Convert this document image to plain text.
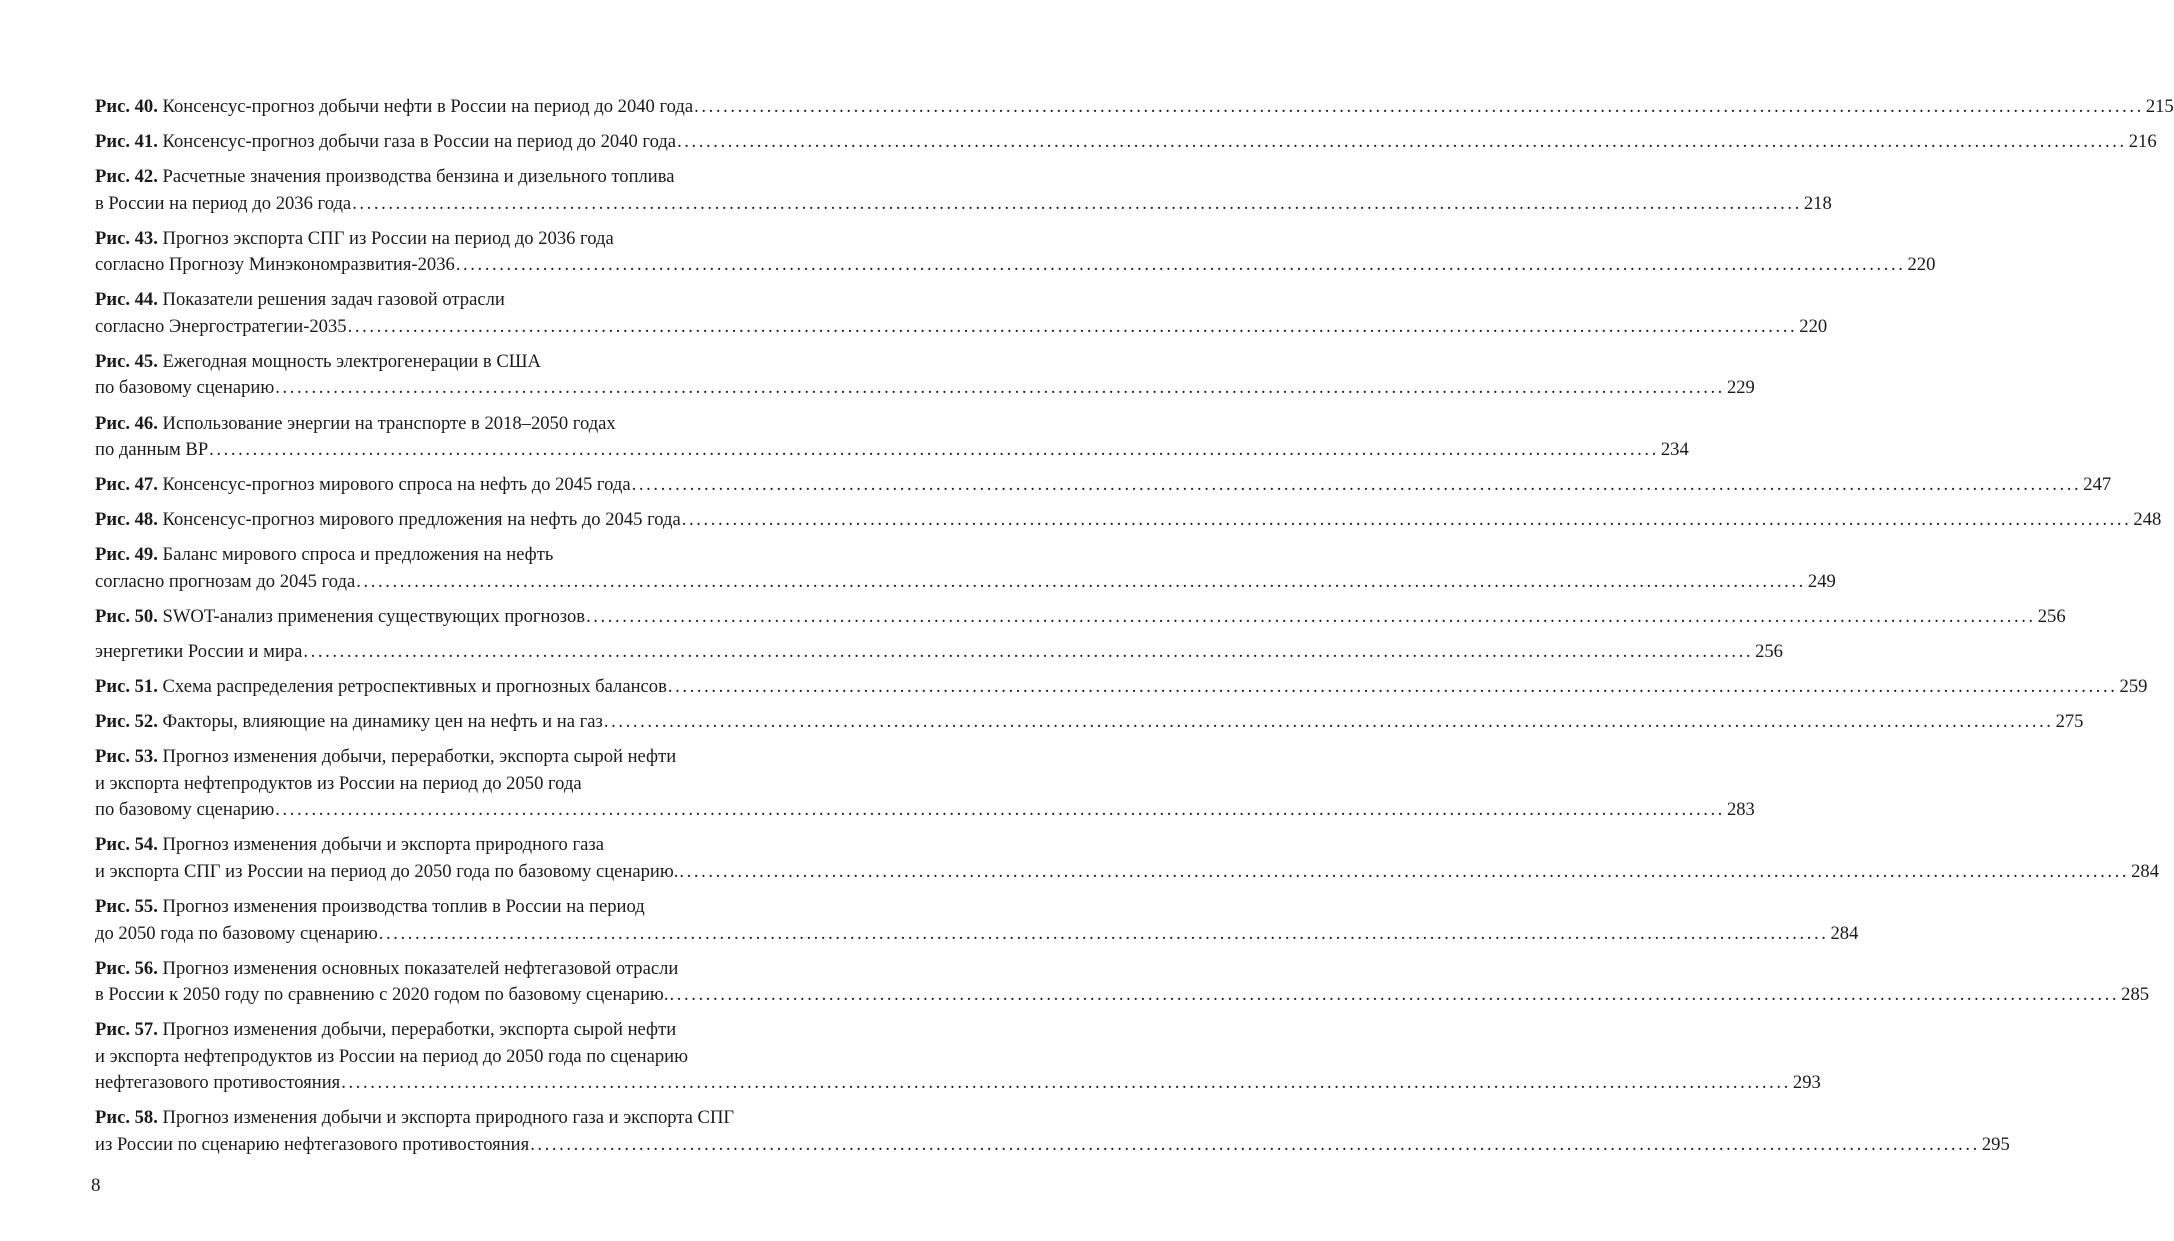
Рис. 40.
Консенсус-прогноз добычи нефти в России на период до 2040 года ........................................................................................................................................................................................................ 215
Рис. 41.
Консенсус-прогноз добычи газа в России на период до 2040 года ........................................................................................................................................................................................................ 216
Рис. 42.
Расчетные значения производства бензина и дизельного топлива
в России на период до 2036 года ........................................................................................................................................................................................................ 218
Рис. 43.
Прогноз экспорта СПГ из России на период до 2036 года
согласно Прогнозу Минэкономразвития-2036 ........................................................................................................................................................................................................ 220
Рис. 44.
Показатели решения задач газовой отрасли
согласно Энергостратегии-2035 ........................................................................................................................................................................................................ 220
Рис. 45.
Ежегодная мощность электрогенерации в США
по базовому сценарию ........................................................................................................................................................................................................ 229
Рис. 46.
Использование энергии на транспорте в 2018–2050 годах
по данным BP ........................................................................................................................................................................................................ 234
Рис. 47.
Консенсус-прогноз мирового спроса на нефть до 2045 года ........................................................................................................................................................................................................ 247
Рис. 48.
Консенсус-прогноз мирового предложения на нефть до 2045 года ........................................................................................................................................................................................................ 248
Рис. 49.
Баланс мирового спроса и предложения на нефть
согласно прогнозам до 2045 года ........................................................................................................................................................................................................ 249
Рис. 50.
SWOT-анализ применения существующих прогнозов ........................................................................................................................................................................................................ 256
энергетики России и мира ........................................................................................................................................................................................................ 256
Рис. 51.
Схема распределения ретроспективных и прогнозных балансов ........................................................................................................................................................................................................ 259
Рис. 52.
Факторы, влияющие на динамику цен на нефть и на газ ........................................................................................................................................................................................................ 275
Рис. 53.
Прогноз изменения добычи, переработки, экспорта сырой нефти
и экспорта нефтепродуктов из России на период до 2050 года
по базовому сценарию ........................................................................................................................................................................................................ 283
Рис. 54.
Прогноз изменения добычи и экспорта природного газа
и экспорта СПГ из России на период до 2050 года по базовому сценарию. ........................................................................................................................................................................................................ 284
Рис. 55.
Прогноз изменения производства топлив в России на период
до 2050 года по базовому сценарию ........................................................................................................................................................................................................ 284
Рис. 56.
Прогноз изменения основных показателей нефтегазовой отрасли
в России к 2050 году по сравнению с 2020 годом по базовому сценарию. ........................................................................................................................................................................................................ 285
Рис. 57.
Прогноз изменения добычи, переработки, экспорта сырой нефти
и экспорта нефтепродуктов из России на период до 2050 года по сценарию
нефтегазового противостояния ........................................................................................................................................................................................................ 293
Рис. 58.
Прогноз изменения добычи и экспорта природного газа и экспорта СПГ
из России по сценарию нефтегазового противостояния ........................................................................................................................................................................................................ 295
8
